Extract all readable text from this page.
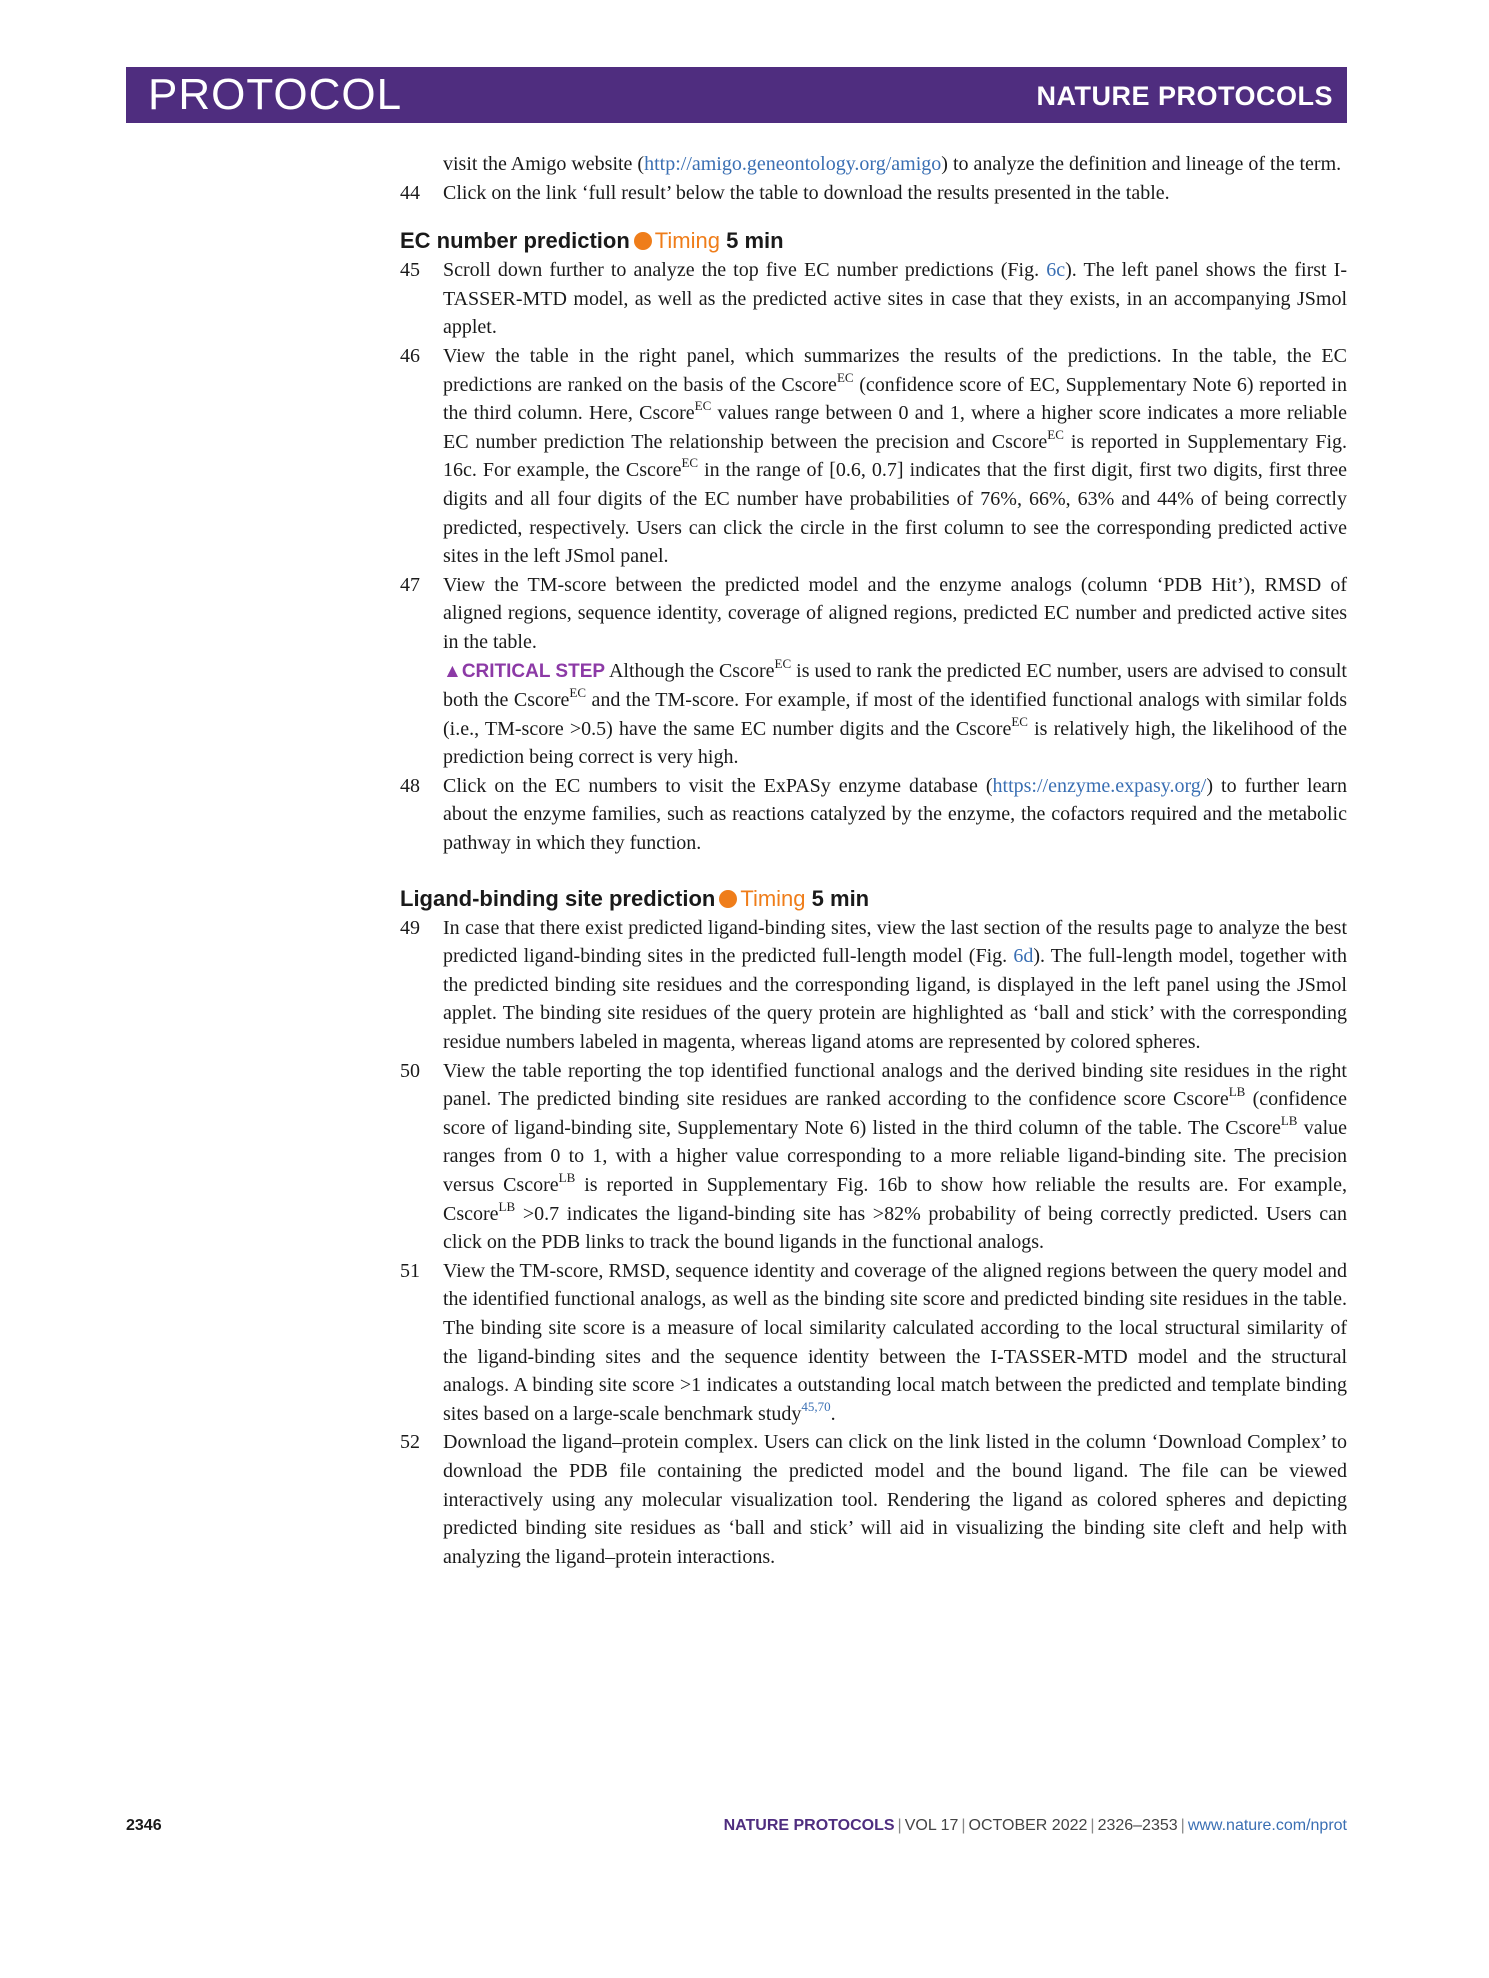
PROTOCOL	NATURE PROTOCOLS
visit the Amigo website (http://amigo.geneontology.org/amigo) to analyze the definition and lineage of the term.
44 Click on the link ‘full result’ below the table to download the results presented in the table.
EC number prediction Timing 5 min
45 Scroll down further to analyze the top five EC number predictions (Fig. 6c). The left panel shows the first I-TASSER-MTD model, as well as the predicted active sites in case that they exists, in an accompanying JSmol applet.
46 View the table in the right panel, which summarizes the results of the predictions. In the table, the EC predictions are ranked on the basis of the Cscore$^{EC}$ (confidence score of EC, Supplementary Note 6) reported in the third column. Here, Cscore$^{EC}$ values range between 0 and 1, where a higher score indicates a more reliable EC number prediction The relationship between the precision and Cscore$^{EC}$ is reported in Supplementary Fig. 16c. For example, the Cscore$^{EC}$ in the range of [0.6, 0.7] indicates that the first digit, first two digits, first three digits and all four digits of the EC number have probabilities of 76%, 66%, 63% and 44% of being correctly predicted, respectively. Users can click the circle in the first column to see the corresponding predicted active sites in the left JSmol panel.
47 View the TM-score between the predicted model and the enzyme analogs (column ‘PDB Hit’), RMSD of aligned regions, sequence identity, coverage of aligned regions, predicted EC number and predicted active sites in the table.
▲CRITICAL STEP Although the Cscore$^{EC}$ is used to rank the predicted EC number, users are advised to consult both the Cscore$^{EC}$ and the TM-score. For example, if most of the identified functional analogs with similar folds (i.e., TM-score >0.5) have the same EC number digits and the Cscore$^{EC}$ is relatively high, the likelihood of the prediction being correct is very high.
48 Click on the EC numbers to visit the ExPASy enzyme database (https://enzyme.expasy.org/) to further learn about the enzyme families, such as reactions catalyzed by the enzyme, the cofactors required and the metabolic pathway in which they function.
Ligand-binding site prediction Timing 5 min
49 In case that there exist predicted ligand-binding sites, view the last section of the results page to analyze the best predicted ligand-binding sites in the predicted full-length model (Fig. 6d). The full-length model, together with the predicted binding site residues and the corresponding ligand, is displayed in the left panel using the JSmol applet. The binding site residues of the query protein are highlighted as ‘ball and stick’ with the corresponding residue numbers labeled in magenta, whereas ligand atoms are represented by colored spheres.
50 View the table reporting the top identified functional analogs and the derived binding site residues in the right panel. The predicted binding site residues are ranked according to the confidence score Cscore$^{LB}$ (confidence score of ligand-binding site, Supplementary Note 6) listed in the third column of the table. The Cscore$^{LB}$ value ranges from 0 to 1, with a higher value corresponding to a more reliable ligand-binding site. The precision versus Cscore$^{LB}$ is reported in Supplementary Fig. 16b to show how reliable the results are. For example, Cscore$^{LB}$ >0.7 indicates the ligand-binding site has >82% probability of being correctly predicted. Users can click on the PDB links to track the bound ligands in the functional analogs.
51 View the TM-score, RMSD, sequence identity and coverage of the aligned regions between the query model and the identified functional analogs, as well as the binding site score and predicted binding site residues in the table. The binding site score is a measure of local similarity calculated according to the local structural similarity of the ligand-binding sites and the sequence identity between the I-TASSER-MTD model and the structural analogs. A binding site score >1 indicates a outstanding local match between the predicted and template binding sites based on a large-scale benchmark study$^{45,70}$.
52 Download the ligand–protein complex. Users can click on the link listed in the column ‘Download Complex’ to download the PDB file containing the predicted model and the bound ligand. The file can be viewed interactively using any molecular visualization tool. Rendering the ligand as colored spheres and depicting predicted binding site residues as ‘ball and stick’ will aid in visualizing the binding site cleft and help with analyzing the ligand–protein interactions.
2346	NATURE PROTOCOLS | VOL 17 | OCTOBER 2022 | 2326–2353 | www.nature.com/nprot
